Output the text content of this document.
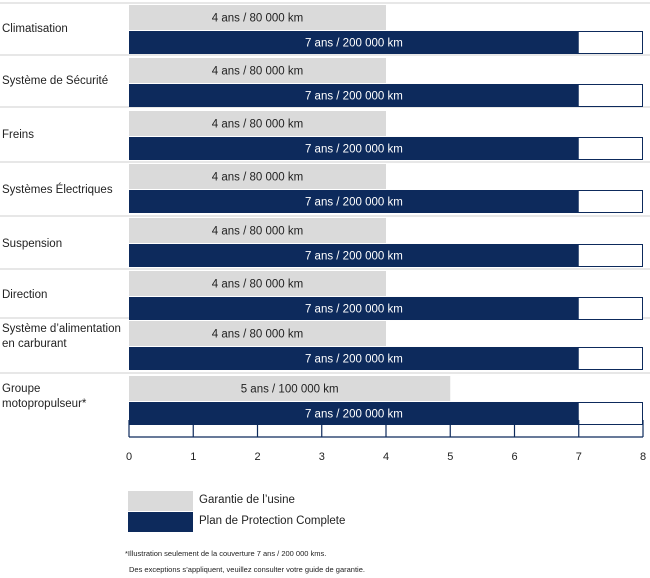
4 ans / 80 000 km
7 ans / 200 000 km
4 ans / 80 000 km
7 ans / 200 000 km
4 ans / 80 000 km
7 ans / 200 000 km
4 ans / 80 000 km
7 ans / 200 000 km
4 ans / 80 000 km
7 ans / 200 000 km
4 ans / 80 000 km
7 ans / 200 000 km
4 ans / 80 000 km
7 ans / 200 000 km
5 ans / 100 000 km
7 ans / 200 000 km
0	1	2	3	4	5	6	7	8
Climatisation
Système de Sécurité
Freins
Systèmes Électriques
Suspension
Direction
Système d’alimentation en carburant
Groupe motopropulseur*
Garantie de l’usine
Plan de Protection Complete
*Illustration seulement de la couverture 7 ans / 200 000 kms.
Des exceptions s’appliquent, veuillez consulter votre guide de garantie.
